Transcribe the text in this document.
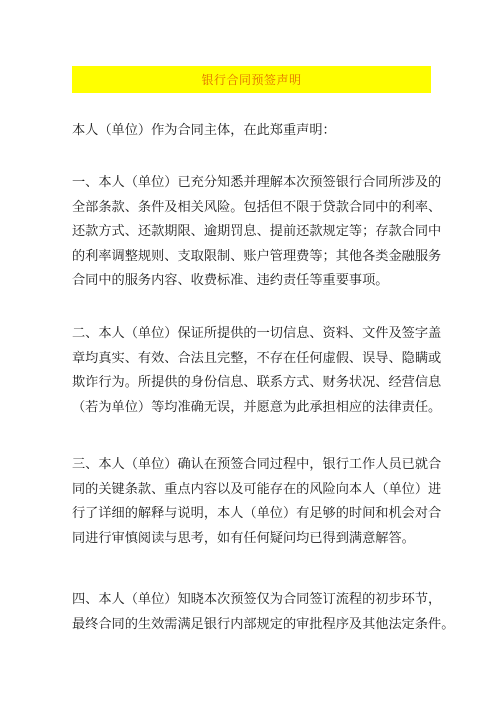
银行合同预签声明

本人（单位）作为合同主体，在此郑重声明：

一、本人（单位）已充分知悉并理解本次预签银行合同所涉及的
全部条款、条件及相关风险。包括但不限于贷款合同中的利率、
还款方式、还款期限、逾期罚息、提前还款规定等；存款合同中
的利率调整规则、支取限制、账户管理费等；其他各类金融服务
合同中的服务内容、收费标准、违约责任等重要事项。

二、本人（单位）保证所提供的一切信息、资料、文件及签字盖
章均真实、有效、合法且完整，不存在任何虚假、误导、隐瞒或
欺诈行为。所提供的身份信息、联系方式、财务状况、经营信息
（若为单位）等均准确无误，并愿意为此承担相应的法律责任。

三、本人（单位）确认在预签合同过程中，银行工作人员已就合
同的关键条款、重点内容以及可能存在的风险向本人（单位）进
行了详细的解释与说明，本人（单位）有足够的时间和机会对合
同进行审慎阅读与思考，如有任何疑问均已得到满意解答。

四、本人（单位）知晓本次预签仅为合同签订流程的初步环节，
最终合同的生效需满足银行内部规定的审批程序及其他法定条件。
